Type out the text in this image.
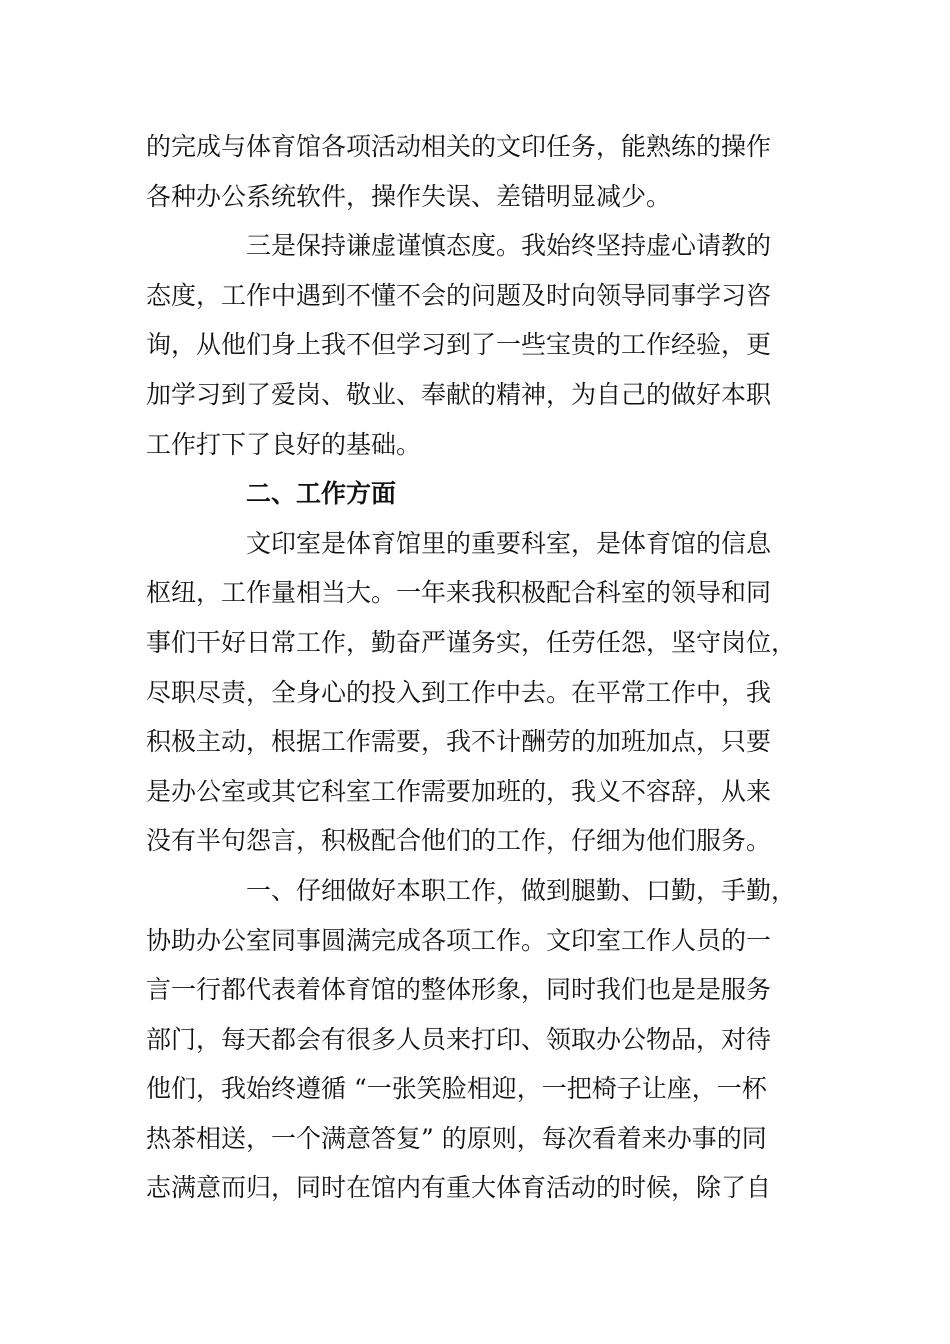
的完成与体育馆各项活动相关的文印任务，能熟练的操作
各种办公系统软件，操作失误、差错明显减少。
三是保持谦虚谨慎态度。我始终坚持虚心请教的
态度，工作中遇到不懂不会的问题及时向领导同事学习咨
询，从他们身上我不但学习到了一些宝贵的工作经验，更
加学习到了爱岗、敬业、奉献的精神，为自己的做好本职
工作打下了良好的基础。
二、工作方面
文印室是体育馆里的重要科室，是体育馆的信息
枢纽，工作量相当大。一年来我积极配合科室的领导和同
事们干好日常工作，勤奋严谨务实，任劳任怨，坚守岗位，
尽职尽责，全身心的投入到工作中去。在平常工作中，我
积极主动，根据工作需要，我不计酬劳的加班加点，只要
是办公室或其它科室工作需要加班的，我义不容辞，从来
没有半句怨言，积极配合他们的工作，仔细为他们服务。
一、仔细做好本职工作，做到腿勤、口勤，手勤，
协助办公室同事圆满完成各项工作。文印室工作人员的一
言一行都代表着体育馆的整体形象，同时我们也是是服务
部门，每天都会有很多人员来打印、领取办公物品，对待
他们，我始终遵循 “一张笑脸相迎，一把椅子让座，一杯
热茶相送，一个满意答复” 的原则，每次看着来办事的同
志满意而归，同时在馆内有重大体育活动的时候，除了自
